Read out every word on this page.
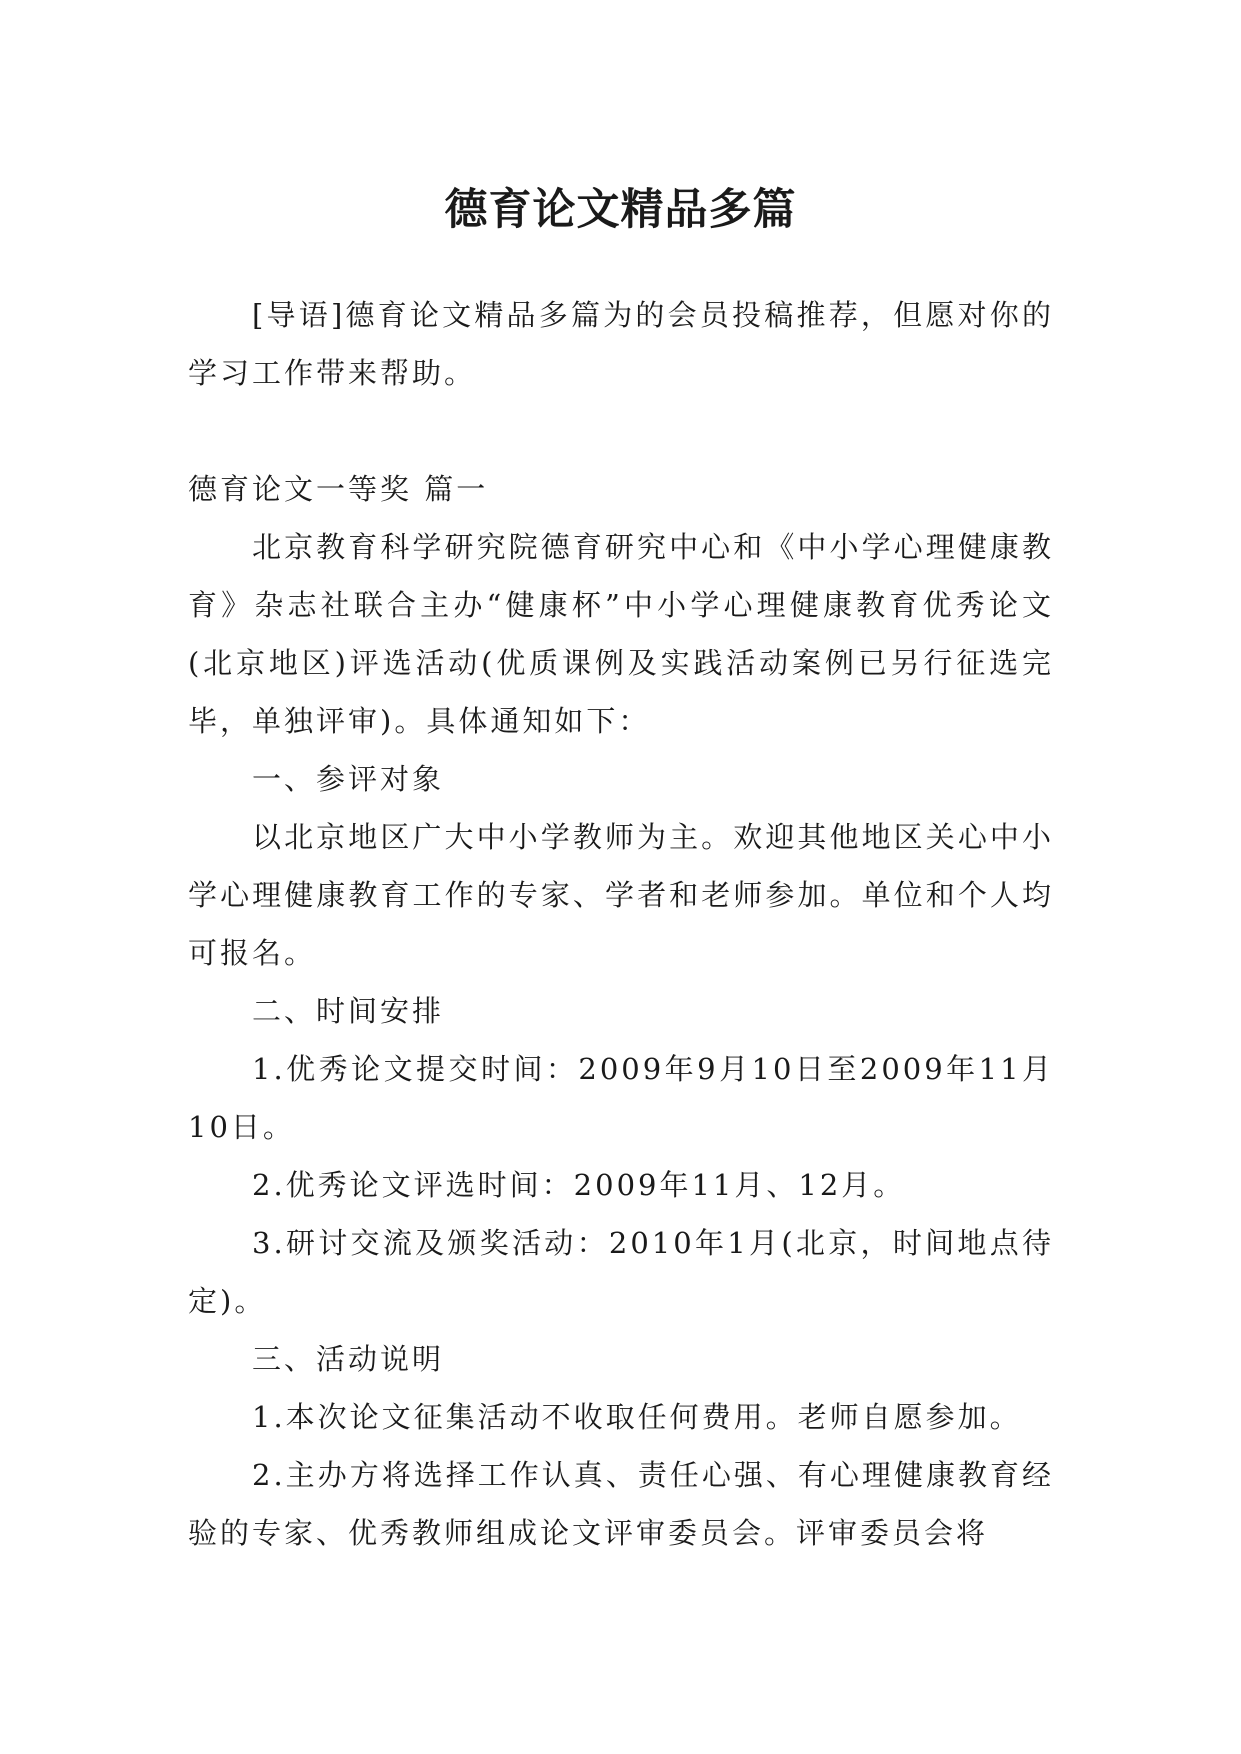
德育论文精品多篇

[导语]德育论文精品多篇为的会员投稿推荐，但愿对你的学习工作带来帮助。

德育论文一等奖 篇一

北京教育科学研究院德育研究中心和《中小学心理健康教育》杂志社联合主办“健康杯”中小学心理健康教育优秀论文(北京地区)评选活动(优质课例及实践活动案例已另行征选完毕，单独评审)。具体通知如下：

一、参评对象

以北京地区广大中小学教师为主。欢迎其他地区关心中小学心理健康教育工作的专家、学者和老师参加。单位和个人均可报名。

二、时间安排

1.优秀论文提交时间：2009年9月10日至2009年11月10日。

2.优秀论文评选时间：2009年11月、12月。

3.研讨交流及颁奖活动：2010年1月(北京，时间地点待定)。

三、活动说明

1.本次论文征集活动不收取任何费用。老师自愿参加。

2.主办方将选择工作认真、责任心强、有心理健康教育经验的专家、优秀教师组成论文评审委员会。评审委员会将
